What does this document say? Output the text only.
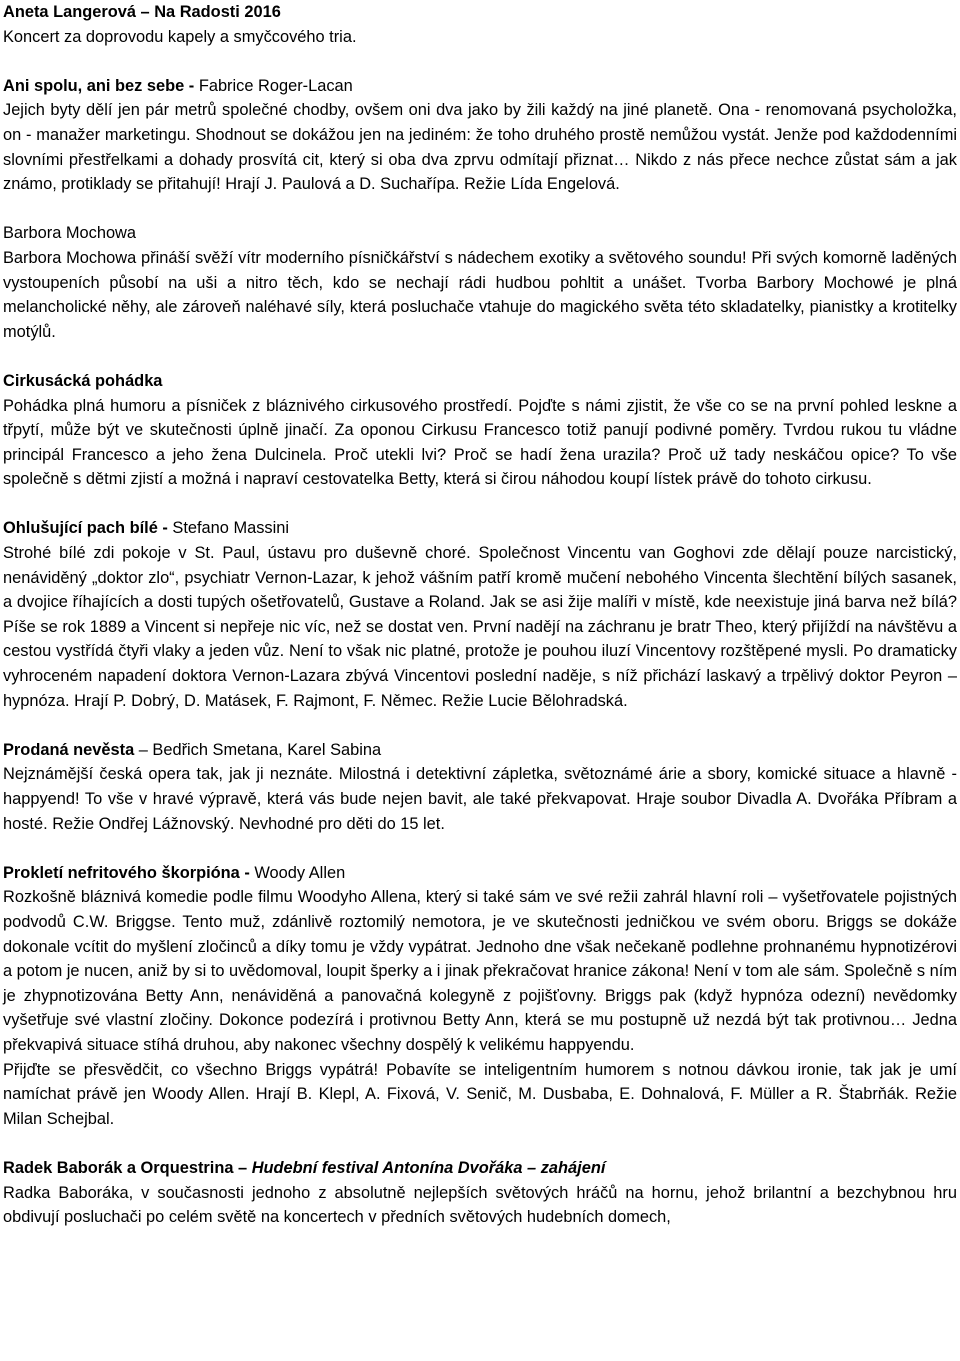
Aneta Langerová – Na Radosti 2016

Koncert za doprovodu kapely a smyčcového tria.

Ani spolu, ani bez sebe - Fabrice Roger-Lacan

Jejich byty dělí jen pár metrů společné chodby, ovšem oni dva jako by žili každý na jiné planetě. Ona - renomovaná psycholožka, on - manažer marketingu. Shodnout se dokážou jen na jediném: že toho druhého prostě nemůžou vystát. Jenže pod každodenními slovními přestřelkami a dohady prosvítá cit, který si oba dva zprvu odmítají přiznat… Nikdo z nás přece nechce zůstat sám a jak známo, protiklady se přitahují! Hrají J. Paulová a D. Suchařípa. Režie Lída Engelová.

Barbora Mochowa

Barbora Mochowa přináší svěží vítr moderního písničkářství s nádechem exotiky a světového soundu! Při svých komorně laděných vystoupeních působí na uši a nitro těch, kdo se nechají rádi hudbou pohltit a unášet. Tvorba Barbory Mochowé je plná melancholické něhy, ale zároveň naléhavé síly, která posluchače vtahuje do magického světa této skladatelky, pianistky a krotitelky motýlů.

Cirkusácká pohádka

Pohádka plná humoru a písniček z bláznivého cirkusového prostředí. Pojďte s námi zjistit, že vše co se na první pohled leskne a třpytí, může být ve skutečnosti úplně jinačí. Za oponou Cirkusu Francesco totiž panují podivné poměry. Tvrdou rukou tu vládne principál Francesco a jeho žena Dulcinela. Proč utekli lvi? Proč se hadí žena urazila? Proč už tady neskáčou opice? To vše společně s dětmi zjistí a možná i napraví cestovatelka Betty, která si čirou náhodou koupí lístek právě do tohoto cirkusu.

Ohlušující pach bílé - Stefano Massini

Strohé bílé zdi pokoje v St. Paul, ústavu pro duševně choré. Společnost Vincentu van Goghovi zde dělají pouze narcistický, nenáviděný „doktor zlo“, psychiatr Vernon-Lazar, k jehož vášním patří kromě mučení nebohého Vincenta šlechtění bílých sasanek, a dvojice říhajících a dosti tupých ošetřovatelů, Gustave a Roland. Jak se asi žije malíři v místě, kde neexistuje jiná barva než bílá? Píše se rok 1889 a Vincent si nepřeje nic víc, než se dostat ven. První nadějí na záchranu je bratr Theo, který přijíždí na návštěvu a cestou vystřídá čtyři vlaky a jeden vůz. Není to však nic platné, protože je pouhou iluzí Vincentovy rozštěpené mysli. Po dramaticky vyhroceném napadení doktora Vernon-Lazara zbývá Vincentovi poslední naděje, s níž přichází laskavý a trpělivý doktor Peyron – hypnóza. Hrají P. Dobrý, D. Matásek, F. Rajmont, F. Němec. Režie Lucie Bělohradská.

Prodaná nevěsta – Bedřich Smetana, Karel Sabina

Nejznámější česká opera tak, jak ji neznáte. Milostná i detektivní zápletka, světoznámé árie a sbory, komické situace a hlavně - happyend! To vše v hravé výpravě, která vás bude nejen bavit, ale také překvapovat. Hraje soubor Divadla A. Dvořáka Příbram a hosté. Režie Ondřej Lážnovský. Nevhodné pro děti do 15 let.

Prokletí nefritového škorpióna - Woody Allen

Rozkošně bláznivá komedie podle filmu Woodyho Allena, který si také sám ve své režii zahrál hlavní roli – vyšetřovatele pojistných podvodů C.W. Briggse. Tento muž, zdánlivě roztomilý nemotora, je ve skutečnosti jedničkou ve svém oboru. Briggs se dokáže dokonale vcítit do myšlení zločinců a díky tomu je vždy vypátrat. Jednoho dne však nečekaně podlehne prohnanému hypnotizérovi a potom je nucen, aniž by si to uvědomoval, loupit šperky a i jinak překračovat hranice zákona! Není v tom ale sám. Společně s ním je zhypnotizována Betty Ann, nenáviděná a panovačná kolegyně z pojišťovny. Briggs pak (když hypnóza odezní) nevědomky vyšetřuje své vlastní zločiny. Dokonce podezírá i protivnou Betty Ann, která se mu postupně už nezdá být tak protivnou… Jedna překvapivá situace stíhá druhou, aby nakonec všechny dospělý k velikému happyendu.

Přijďte se přesvědčit, co všechno Briggs vypátrá! Pobavíte se inteligentním humorem s notnou dávkou ironie, tak jak je umí namíchat právě jen Woody Allen. Hrají B. Klepl, A. Fixová, V. Senič, M. Dusbaba, E. Dohnalová, F. Müller a R. Štabrňák. Režie Milan Schejbal.

Radek Baborák a Orquestrina – Hudební festival Antonína Dvořáka – zahájení

Radka Baboráka, v současnosti jednoho z absolutně nejlepších světových hráčů na hornu, jehož brilantní a bezchybnou hru obdivují posluchači po celém světě na koncertech v předních světových hudebních domech,
